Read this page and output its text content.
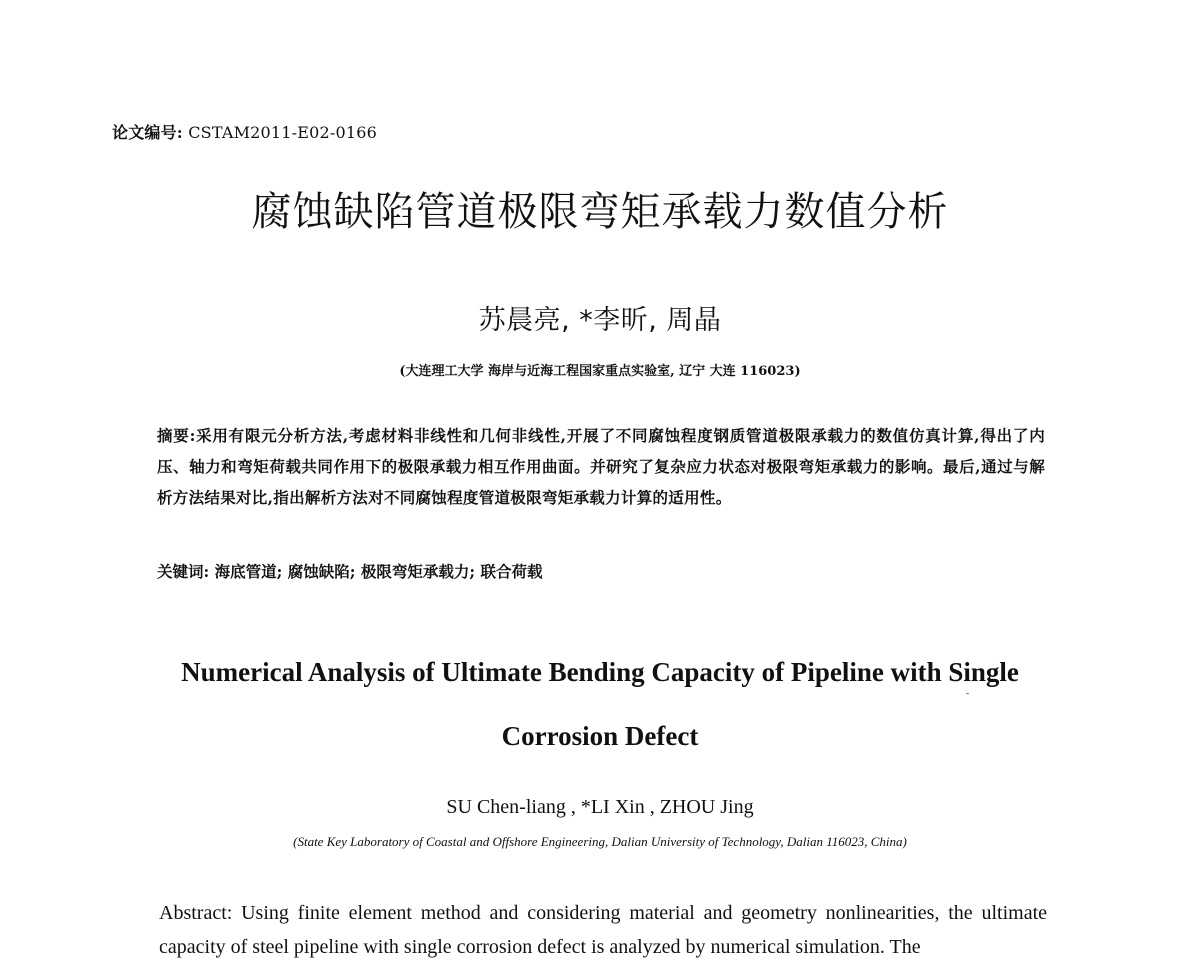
论文编号: CSTAM2011-E02-0166
腐蚀缺陷管道极限弯矩承载力数值分析
苏晨亮, *李昕, 周晶
(大连理工大学 海岸与近海工程国家重点实验室, 辽宁 大连 116023)
摘要:采用有限元分析方法,考虑材料非线性和几何非线性,开展了不同腐蚀程度钢质管道极限承载力的数值仿真计算,得出了内压、轴力和弯矩荷载共同作用下的极限承载力相互作用曲面。并研究了复杂应力状态对极限弯矩承载力的影响。最后,通过与解析方法结果对比,指出解析方法对不同腐蚀程度管道极限弯矩承载力计算的适用性。
关键词: 海底管道; 腐蚀缺陷; 极限弯矩承载力; 联合荷载
Numerical Analysis of Ultimate Bending Capacity of Pipeline with Single
Corrosion Defect
SU Chen-liang , *LI Xin , ZHOU Jing
(State Key Laboratory of Coastal and Offshore Engineering, Dalian University of Technology, Dalian 116023, China)
Abstract: Using finite element method and considering material and geometry nonlinearities, the ultimate capacity of steel pipeline with single corrosion defect is analyzed by numerical simulation. The
